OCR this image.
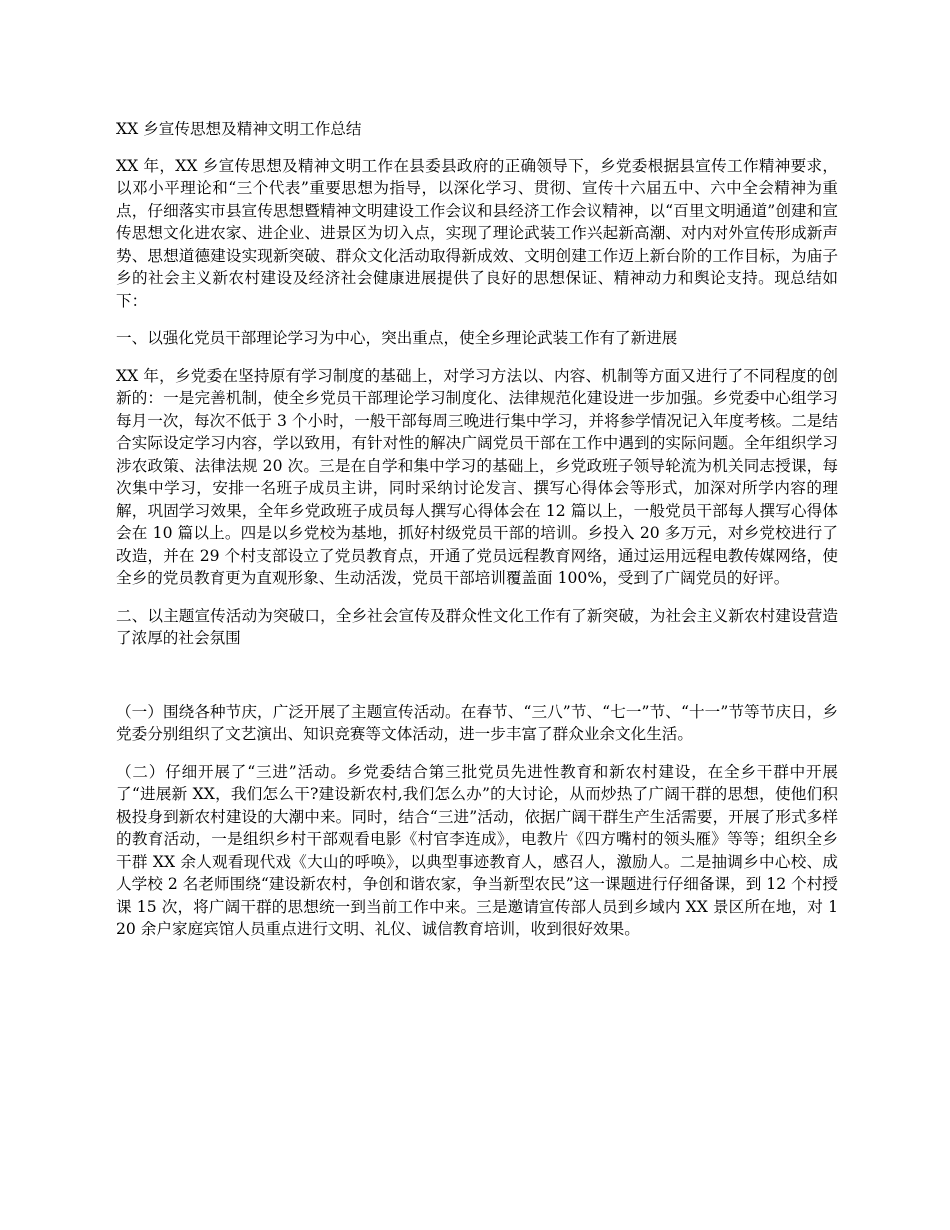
XX 乡宣传思想及精神文明工作总结

XX 年，XX 乡宣传思想及精神文明工作在县委县政府的正确领导下，乡党委根据县宣传工作精神要求，以邓小平理论和“三个代表”重要思想为指导，以深化学习、贯彻、宣传十六届五中、六中全会精神为重点，仔细落实市县宣传思想暨精神文明建设工作会议和县经济工作会议精神，以“百里文明通道”创建和宣传思想文化进农家、进企业、进景区为切入点，实现了理论武装工作兴起新高潮、对内对外宣传形成新声势、思想道德建设实现新突破、群众文化活动取得新成效、文明创建工作迈上新台阶的工作目标，为庙子乡的社会主义新农村建设及经济社会健康进展提供了良好的思想保证、精神动力和舆论支持。现总结如下：

一、以强化党员干部理论学习为中心，突出重点，使全乡理论武装工作有了新进展

XX 年，乡党委在坚持原有学习制度的基础上，对学习方法以、内容、机制等方面又进行了不同程度的创新的：一是完善机制，使全乡党员干部理论学习制度化、法律规范化建设进一步加强。乡党委中心组学习每月一次，每次不低于 3 个小时，一般干部每周三晚进行集中学习，并将参学情况记入年度考核。二是结合实际设定学习内容，学以致用，有针对性的解决广阔党员干部在工作中遇到的实际问题。全年组织学习涉农政策、法律法规 20 次。三是在自学和集中学习的基础上，乡党政班子领导轮流为机关同志授课，每次集中学习，安排一名班子成员主讲，同时采纳讨论发言、撰写心得体会等形式，加深对所学内容的理解，巩固学习效果，全年乡党政班子成员每人撰写心得体会在 12 篇以上，一般党员干部每人撰写心得体会在 10 篇以上。四是以乡党校为基地，抓好村级党员干部的培训。乡投入 20 多万元，对乡党校进行了改造，并在 29 个村支部设立了党员教育点，开通了党员远程教育网络，通过运用远程电教传媒网络，使全乡的党员教育更为直观形象、生动活泼，党员干部培训覆盖面 100%，受到了广阔党员的好评。

二、以主题宣传活动为突破口，全乡社会宣传及群众性文化工作有了新突破，为社会主义新农村建设营造了浓厚的社会氛围

（一）围绕各种节庆，广泛开展了主题宣传活动。在春节、“三八”节、“七一”节、“十一”节等节庆日，乡党委分别组织了文艺演出、知识竞赛等文体活动，进一步丰富了群众业余文化生活。

（二）仔细开展了“三进”活动。乡党委结合第三批党员先进性教育和新农村建设，在全乡干群中开展了“进展新 XX，我们怎么干?建设新农村,我们怎么办”的大讨论，从而炒热了广阔干群的思想，使他们积极投身到新农村建设的大潮中来。同时，结合“三进”活动，依据广阔干群生产生活需要，开展了形式多样的教育活动，一是组织乡村干部观看电影《村官李连成》，电教片《四方嘴村的领头雁》等等；组织全乡干群 XX 余人观看现代戏《大山的呼唤》，以典型事迹教育人，感召人，激励人。二是抽调乡中心校、成人学校 2 名老师围绕“建设新农村，争创和谐农家，争当新型农民”这一课题进行仔细备课，到 12 个村授课 15 次，将广阔干群的思想统一到当前工作中来。三是邀请宣传部人员到乡域内 XX 景区所在地，对 120 余户家庭宾馆人员重点进行文明、礼仪、诚信教育培训，收到很好效果。
